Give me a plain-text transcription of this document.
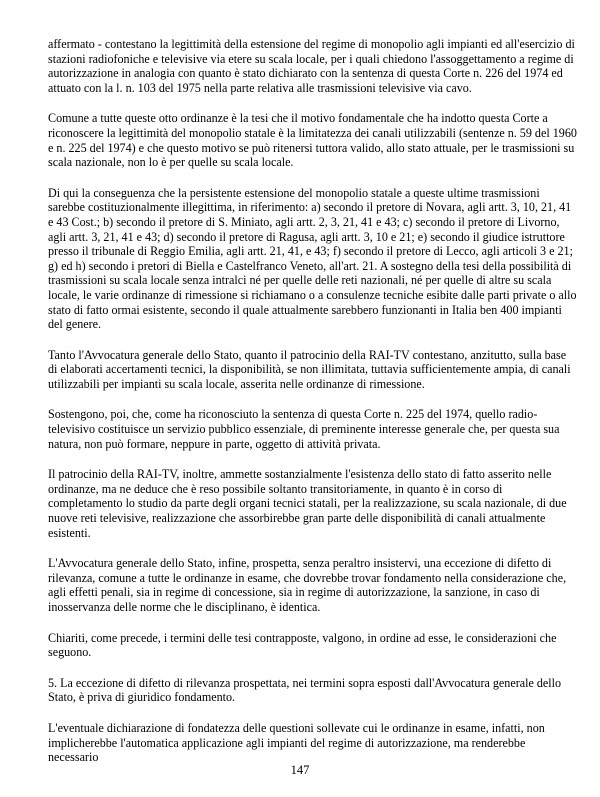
affermato - contestano la legittimità della estensione del regime di monopolio agli impianti ed all'esercizio di stazioni radiofoniche e televisive via etere su scala locale, per i quali chiedono l'assoggettamento a regime di autorizzazione in analogia con quanto è stato dichiarato con la sentenza di questa Corte n. 226 del 1974 ed attuato con la l. n. 103 del 1975 nella parte relativa alle trasmissioni televisive via cavo.

Comune a tutte queste otto ordinanze è la tesi che il motivo fondamentale che ha indotto questa Corte a riconoscere la legittimità del monopolio statale è la limitatezza dei canali utilizzabili (sentenze n. 59 del 1960 e n. 225 del 1974) e che questo motivo se può ritenersi tuttora valido, allo stato attuale, per le trasmissioni su scala nazionale, non lo è per quelle su scala locale.

Di qui la conseguenza che la persistente estensione del monopolio statale a queste ultime trasmissioni sarebbe costituzionalmente illegittima, in riferimento: a) secondo il pretore di Novara, agli artt. 3, 10, 21, 41 e 43 Cost.; b) secondo il pretore di S. Miniato, agli artt. 2, 3, 21, 41 e 43; c) secondo il pretore di Livorno, agli artt. 3, 21, 41 e 43; d) secondo il pretore di Ragusa, agli artt. 3, 10 e 21; e) secondo il giudice istruttore presso il tribunale di Reggio Emilia, agli artt. 21, 41, e 43; f) secondo il pretore di Lecco, agli articoli 3 e 21; g) ed h) secondo i pretori di Biella e Castelfranco Veneto, all'art. 21. A sostegno della tesi della possibilità di trasmissioni su scala locale senza intralci né per quelle delle reti nazionali, né per quelle di altre su scala locale, le varie ordinanze di rimessione si richiamano o a consulenze tecniche esibite dalle parti private o allo stato di fatto ormai esistente, secondo il quale attualmente sarebbero funzionanti in Italia ben 400 impianti del genere.

Tanto l'Avvocatura generale dello Stato, quanto il patrocinio della RAI-TV contestano, anzitutto, sulla base di elaborati accertamenti tecnici, la disponibilità, se non illimitata, tuttavia sufficientemente ampia, di canali utilizzabili per impianti su scala locale, asserita nelle ordinanze di rimessione.

Sostengono, poi, che, come ha riconosciuto la sentenza di questa Corte n. 225 del 1974, quello radio-televisivo costituisce un servizio pubblico essenziale, di preminente interesse generale che, per questa sua natura, non può formare, neppure in parte, oggetto di attività privata.

Il patrocinio della RAI-TV, inoltre, ammette sostanzialmente l'esistenza dello stato di fatto asserito nelle ordinanze, ma ne deduce che è reso possibile soltanto transitoriamente, in quanto è in corso di completamento lo studio da parte degli organi tecnici statali, per la realizzazione, su scala nazionale, di due nuove reti televisive, realizzazione che assorbirebbe gran parte delle disponibilità di canali attualmente esistenti.

L'Avvocatura generale dello Stato, infine, prospetta, senza peraltro insistervi, una eccezione di difetto di rilevanza, comune a tutte le ordinanze in esame, che dovrebbe trovar fondamento nella considerazione che, agli effetti penali, sia in regime di concessione, sia in regime di autorizzazione, la sanzione, in caso di inosservanza delle norme che le disciplinano, è identica.

Chiariti, come precede, i termini delle tesi contrapposte, valgono, in ordine ad esse, le considerazioni che seguono.

5. La eccezione di difetto di rilevanza prospettata, nei termini sopra esposti dall'Avvocatura generale dello Stato, è priva di giuridico fondamento.

L'eventuale dichiarazione di fondatezza delle questioni sollevate cui le ordinanze in esame, infatti, non implicherebbe l'automatica applicazione agli impianti del regime di autorizzazione, ma renderebbe necessario

147
